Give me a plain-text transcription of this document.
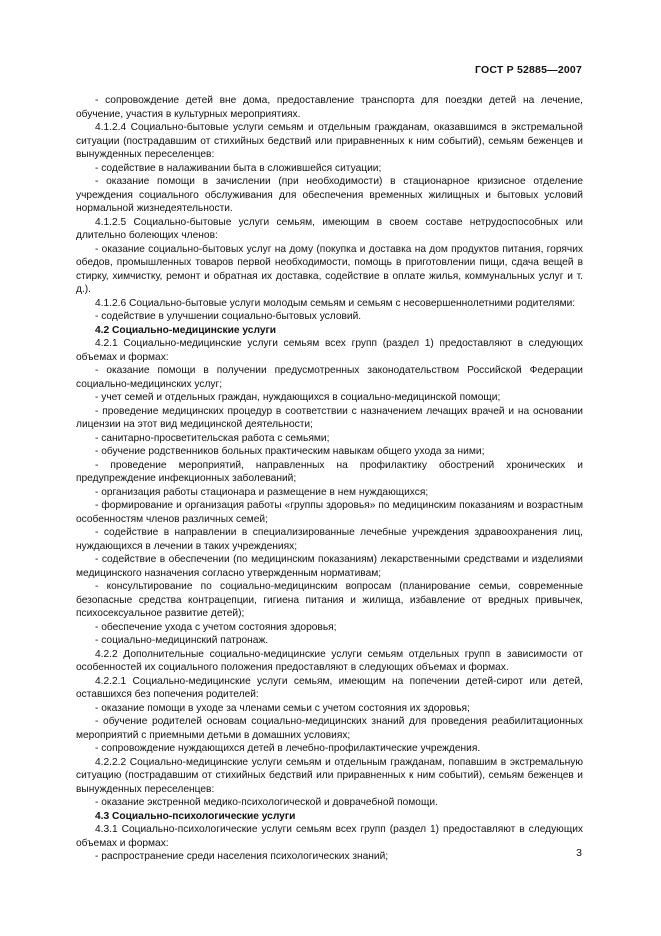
ГОСТ Р 52885—2007

- сопровождение детей вне дома, предоставление транспорта для поездки детей на лечение, обучение, участия в культурных мероприятиях.

4.1.2.4 Социально-бытовые услуги семьям и отдельным гражданам, оказавшимся в экстремальной ситуации (пострадавшим от стихийных бедствий или приравненных к ним событий), семьям беженцев и вынужденных переселенцев:

- содействие в налаживании быта в сложившейся ситуации;

- оказание помощи в зачислении (при необходимости) в стационарное кризисное отделение учреждения социального обслуживания для обеспечения временных жилищных и бытовых условий нормальной жизнедеятельности.

4.1.2.5 Социально-бытовые услуги семьям, имеющим в своем составе нетрудоспособных или длительно болеющих членов:

- оказание социально-бытовых услуг на дому (покупка и доставка на дом продуктов питания, горячих обедов, промышленных товаров первой необходимости, помощь в приготовлении пищи, сдача вещей в стирку, химчистку, ремонт и обратная их доставка, содействие в оплате жилья, коммунальных услуг и т. д.).

4.1.2.6 Социально-бытовые услуги молодым семьям и семьям с несовершеннолетними родителями:

- содействие в улучшении социально-бытовых условий.

4.2 Социально-медицинские услуги

4.2.1 Социально-медицинские услуги семьям всех групп (раздел 1) предоставляют в следующих объемах и формах:

- оказание помощи в получении предусмотренных законодательством Российской Федерации социально-медицинских услуг;

- учет семей и отдельных граждан, нуждающихся в социально-медицинской помощи;

- проведение медицинских процедур в соответствии с назначением лечащих врачей и на основании лицензии на этот вид медицинской деятельности;

- санитарно-просветительская работа с семьями;

- обучение родственников больных практическим навыкам общего ухода за ними;

- проведение мероприятий, направленных на профилактику обострений хронических и предупреждение инфекционных заболеваний;

- организация работы стационара и размещение в нем нуждающихся;

- формирование и организация работы «группы здоровья» по медицинским показаниям и возрастным особенностям членов различных семей;

- содействие в направлении в специализированные лечебные учреждения здравоохранения лиц, нуждающихся в лечении в таких учреждениях;

- содействие в обеспечении (по медицинским показаниям) лекарственными средствами и изделиями медицинского назначения согласно утвержденным нормативам;

- консультирование по социально-медицинским вопросам (планирование семьи, современные безопасные средства контрацепции, гигиена питания и жилища, избавление от вредных привычек, психосексуальное развитие детей);

- обеспечение ухода с учетом состояния здоровья;

- социально-медицинский патронаж.

4.2.2 Дополнительные социально-медицинские услуги семьям отдельных групп в зависимости от особенностей их социального положения предоставляют в следующих объемах и формах.

4.2.2.1 Социально-медицинские услуги семьям, имеющим на попечении детей-сирот или детей, оставшихся без попечения родителей:

- оказание помощи в уходе за членами семьи с учетом состояния их здоровья;

- обучение родителей основам социально-медицинских знаний для проведения реабилитационных мероприятий с приемными детьми в домашних условиях;

- сопровождение нуждающихся детей в лечебно-профилактические учреждения.

4.2.2.2 Социально-медицинские услуги семьям и отдельным гражданам, попавшим в экстремальную ситуацию (пострадавшим от стихийных бедствий или приравненных к ним событий), семьям беженцев и вынужденных переселенцев:

- оказание экстренной медико-психологической и доврачебной помощи.

4.3 Социально-психологические услуги

4.3.1 Социально-психологические услуги семьям всех групп (раздел 1) предоставляют в следующих объемах и формах:

- распространение среди населения психологических знаний;	3
